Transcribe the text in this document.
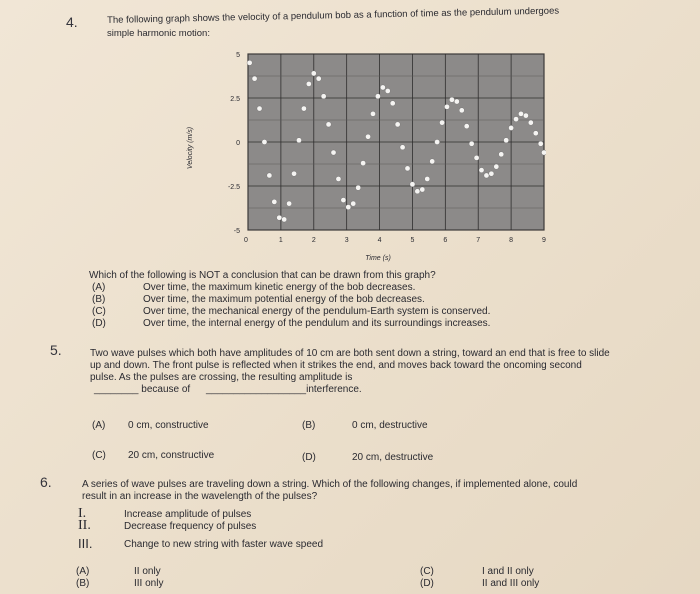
4.	The following graph shows the velocity of a pendulum bob as a function of time as the pendulum undergoes
simple harmonic motion:
5
2.5
0
-2.5
-5
0	1	2	3	4	5	6	7	8	9
Velocity (m/s)
Time (s)
Which of the following is NOT a conclusion that can be drawn from this graph?
(A)	Over time, the maximum kinetic energy of the bob decreases.
(B)	Over time, the maximum potential energy of the bob decreases.
(C)	Over time, the mechanical energy of the pendulum-Earth system is conserved.
(D)	Over time, the internal energy of the pendulum and its surroundings increases.
5.	Two wave pulses which both have amplitudes of 10 cm are both sent down a string, toward an end that is free to slide
up and down. The front pulse is reflected when it strikes the end, and moves back toward the oncoming second
pulse. As the pulses are crossing, the resulting amplitude is
________ because of __________________interference.
(A) 0 cm, constructive	(B)	0 cm, destructive
(C) 20 cm, constructive	(D)	20 cm, destructive
6.	A series of wave pulses are traveling down a string. Which of the following changes, if implemented alone, could
result in an increase in the wavelength of the pulses?
I.	Increase amplitude of pulses
II.	Decrease frequency of pulses
III.	Change to new string with faster wave speed
(A)	II only
(B)	III only
(C)	I and II only
(D)	II and III only
